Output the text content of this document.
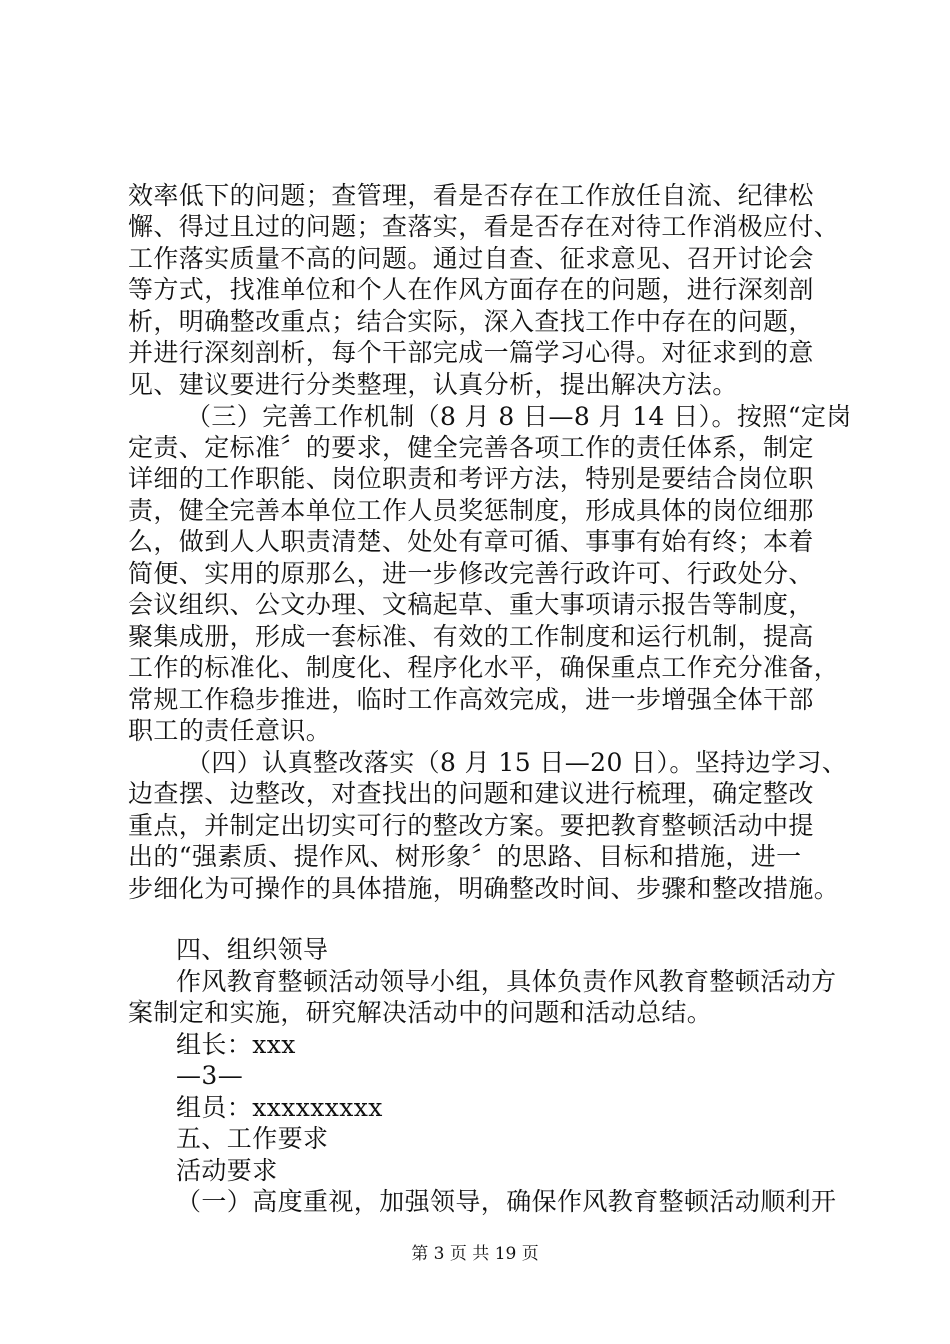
效率低下的问题；查管理，看是否存在工作放任自流、纪律松
懈、得过且过的问题；查落实，看是否存在对待工作消极应付、
工作落实质量不高的问题。通过自查、征求意见、召开讨论会
等方式，找准单位和个人在作风方面存在的问题，进行深刻剖
析，明确整改重点；结合实际，深入查找工作中存在的问题，
并进行深刻剖析，每个干部完成一篇学习心得。对征求到的意
见、建议要进行分类整理，认真分析，提出解决方法。
（三）完善工作机制（8 月 8 日—8 月 14 日）。按照“定岗
定责、定标准〞的要求，健全完善各项工作的责任体系，制定
详细的工作职能、岗位职责和考评方法，特别是要结合岗位职
责，健全完善本单位工作人员奖惩制度，形成具体的岗位细那
么，做到人人职责清楚、处处有章可循、事事有始有终；本着
简便、实用的原那么，进一步修改完善行政许可、行政处分、
会议组织、公文办理、文稿起草、重大事项请示报告等制度，
聚集成册，形成一套标准、有效的工作制度和运行机制，提高
工作的标准化、制度化、程序化水平，确保重点工作充分准备，
常规工作稳步推进，临时工作高效完成，进一步增强全体干部
职工的责任意识。
（四）认真整改落实（8 月 15 日—20 日）。坚持边学习、
边查摆、边整改，对查找出的问题和建议进行梳理，确定整改
重点，并制定出切实可行的整改方案。要把教育整顿活动中提
出的“强素质、提作风、树形象〞的思路、目标和措施，进一
步细化为可操作的具体措施，明确整改时间、步骤和整改措施。
四、组织领导
作风教育整顿活动领导小组，具体负责作风教育整顿活动方
案制定和实施，研究解决活动中的问题和活动总结。
组长：xxx
—3—
组员：xxxxxxxxx
五、工作要求
活动要求
（一）高度重视，加强领导，确保作风教育整顿活动顺利开
第 3 页 共 19 页
